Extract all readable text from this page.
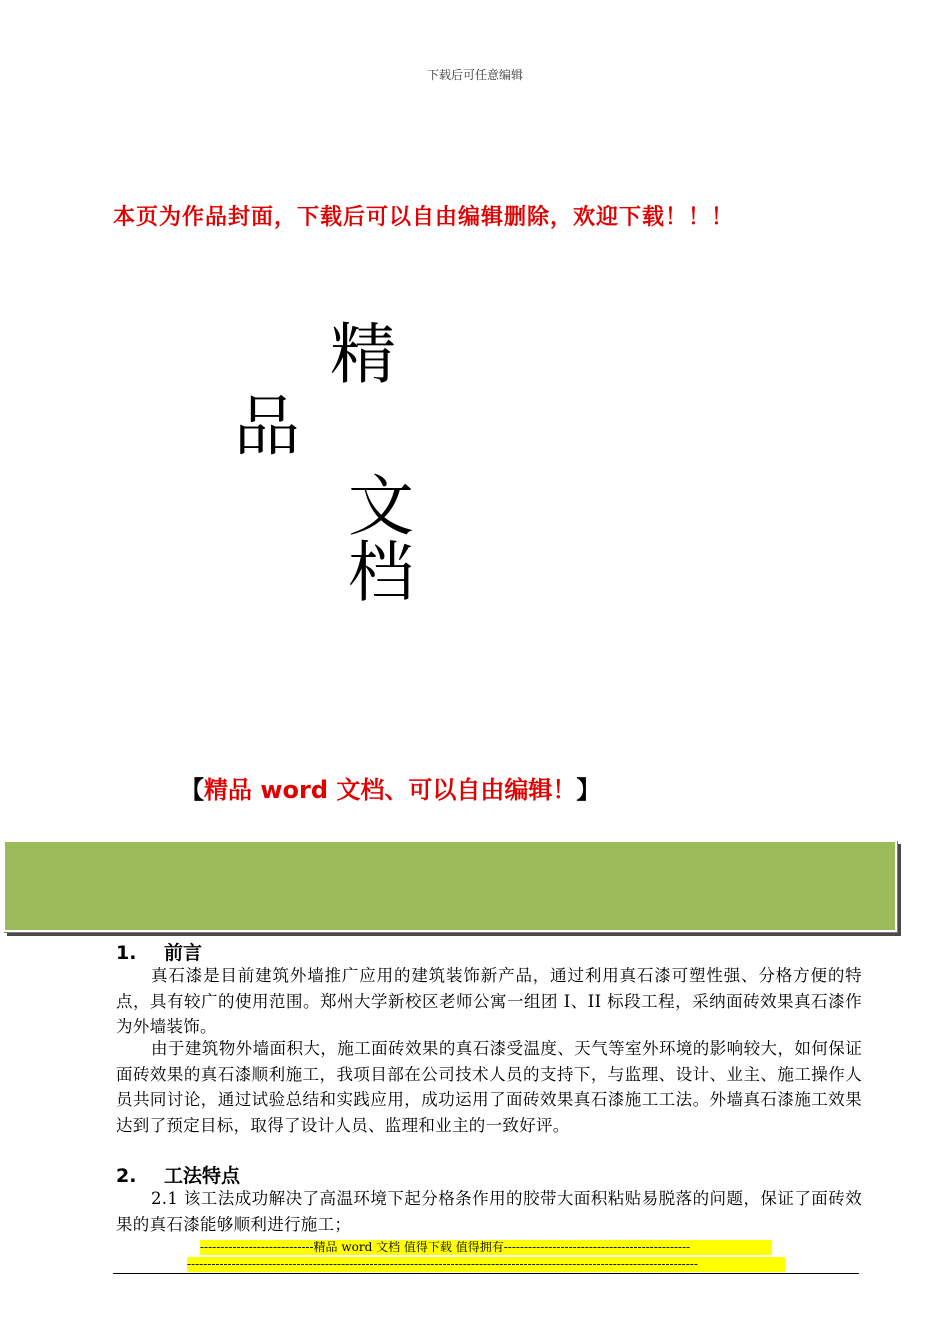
下载后可任意编辑
本页为作品封面，下载后可以自由编辑删除，欢迎下载！！！
精
品
文
档
【精品 word 文档、可以自由编辑！】
1. 前言
真石漆是目前建筑外墙推广应用的建筑装饰新产品，通过利用真石漆可塑性强、分格方便的特点，具有较广的使用范围。郑州大学新校区老师公寓一组团 I、II 标段工程，采纳面砖效果真石漆作为外墙装饰。
由于建筑物外墙面积大，施工面砖效果的真石漆受温度、天气等室外环境的影响较大，如何保证面砖效果的真石漆顺利施工，我项目部在公司技术人员的支持下，与监理、设计、业主、施工操作人员共同讨论，通过试验总结和实践应用，成功运用了面砖效果真石漆施工工法。外墙真石漆施工效果达到了预定目标，取得了设计人员、监理和业主的一致好评。
2. 工法特点
2.1 该工法成功解决了高温环境下起分格条作用的胶带大面积粘贴易脱落的问题，保证了面砖效果的真石漆能够顺利进行施工；
----------------------------精品 word 文档 值得下载 值得拥有----------------------------------------------
------------------------------------------------------------------------------------------------------------------------------
